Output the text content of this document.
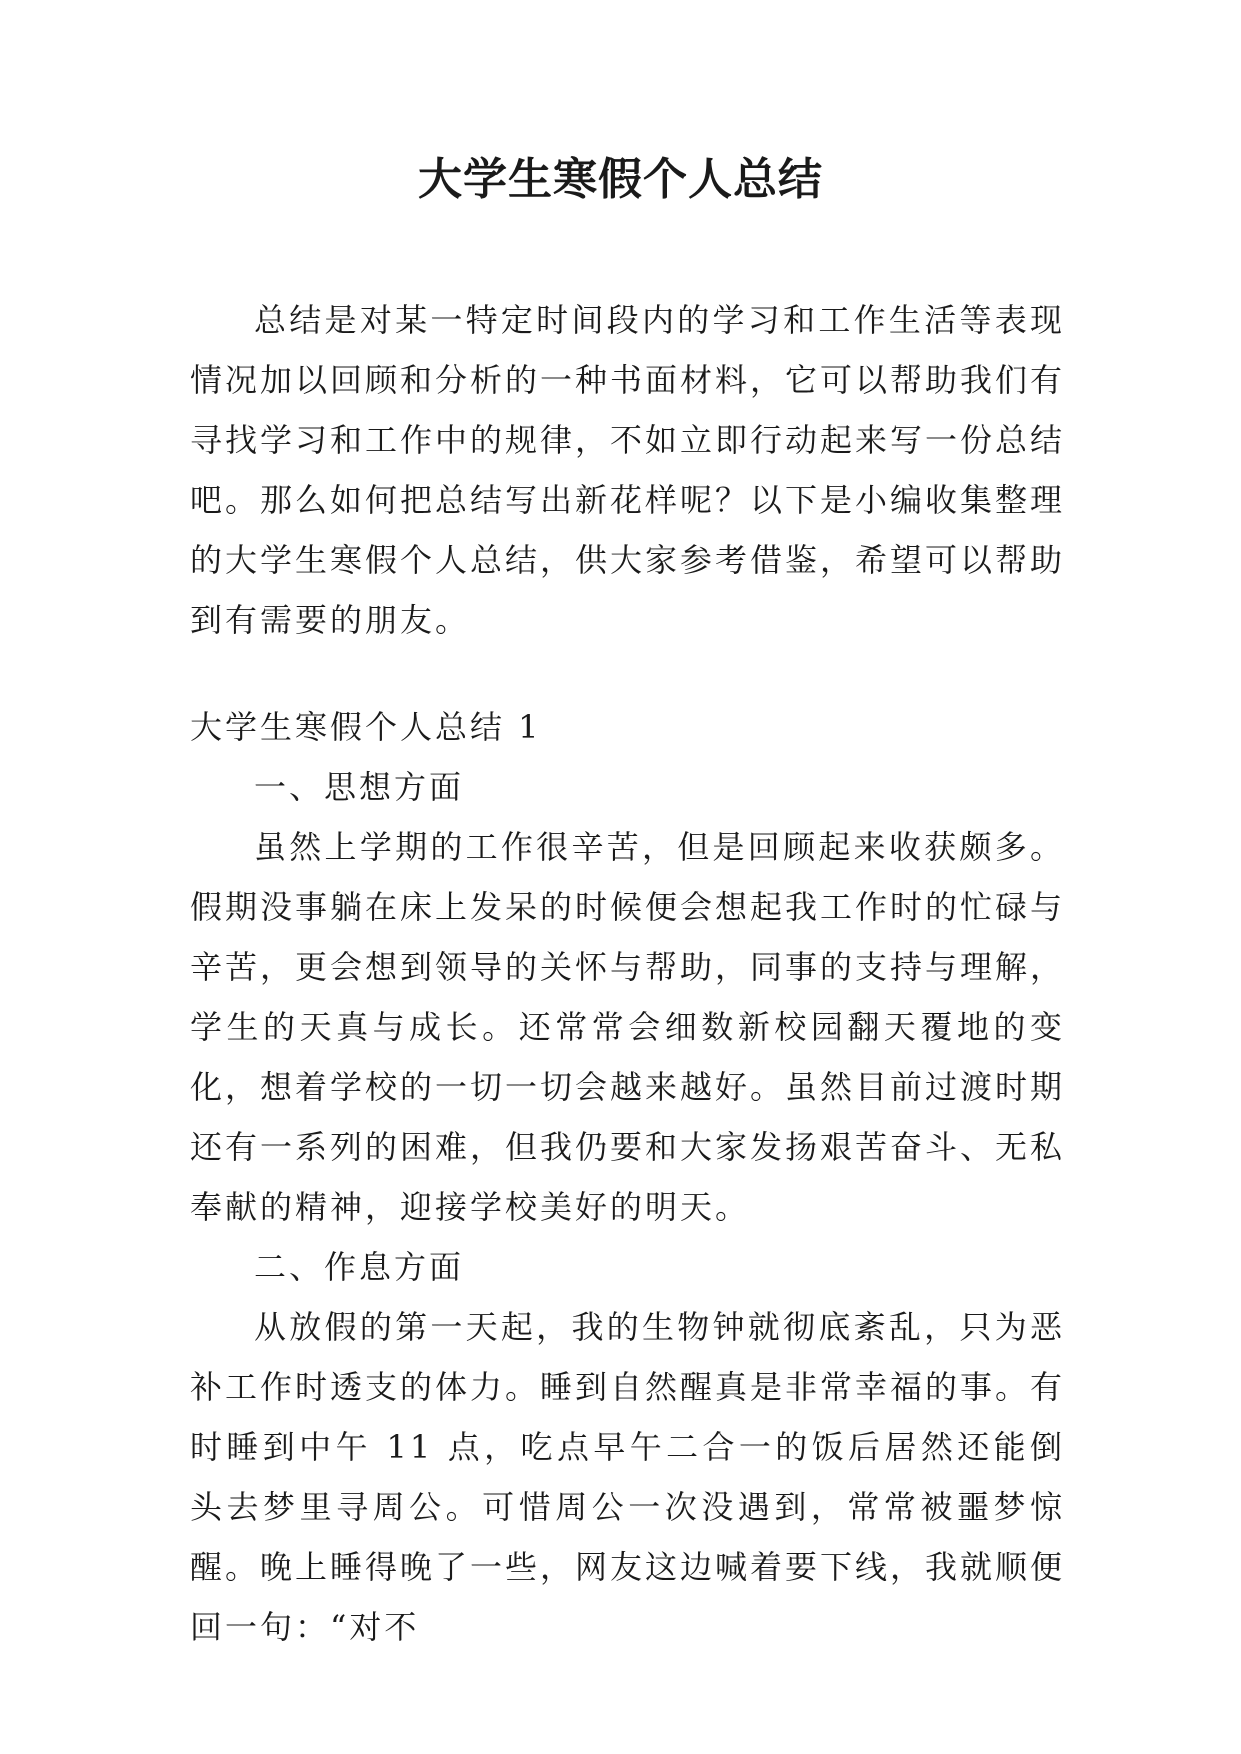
大学生寒假个人总结

总结是对某一特定时间段内的学习和工作生活等表现情况加以回顾和分析的一种书面材料，它可以帮助我们有寻找学习和工作中的规律，不如立即行动起来写一份总结吧。那么如何把总结写出新花样呢？以下是小编收集整理的大学生寒假个人总结，供大家参考借鉴，希望可以帮助到有需要的朋友。

大学生寒假个人总结 1

一、思想方面

虽然上学期的工作很辛苦，但是回顾起来收获颇多。假期没事躺在床上发呆的时候便会想起我工作时的忙碌与辛苦，更会想到领导的关怀与帮助，同事的支持与理解，学生的天真与成长。还常常会细数新校园翻天覆地的变化，想着学校的一切一切会越来越好。虽然目前过渡时期还有一系列的困难，但我仍要和大家发扬艰苦奋斗、无私奉献的精神，迎接学校美好的明天。

二、作息方面

从放假的第一天起，我的生物钟就彻底紊乱，只为恶补工作时透支的体力。睡到自然醒真是非常幸福的事。有时睡到中午 11 点，吃点早午二合一的饭后居然还能倒头去梦里寻周公。可惜周公一次没遇到，常常被噩梦惊醒。晚上睡得晚了一些，网友这边喊着要下线，我就顺便回一句：“对不
